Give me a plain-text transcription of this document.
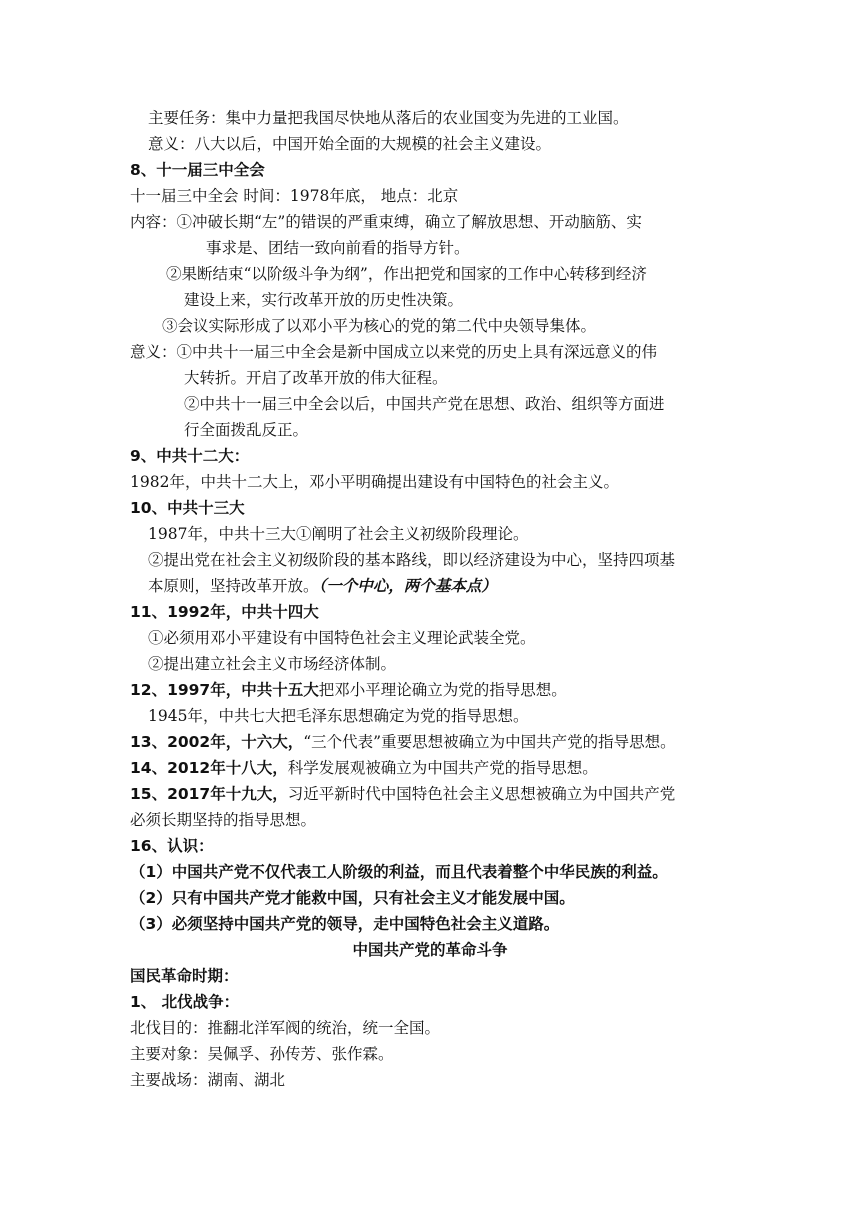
主要任务：集中力量把我国尽快地从落后的农业国变为先进的工业国。
意义：八大以后，中国开始全面的大规模的社会主义建设。
8、十一届三中全会
十一届三中全会 时间：1978年底， 地点：北京
内容：①冲破长期“左”的错误的严重束缚，确立了解放思想、开动脑筋、实
事求是、团结一致向前看的指导方针。
②果断结束“以阶级斗争为纲”，作出把党和国家的工作中心转移到经济
建设上来，实行改革开放的历史性决策。
③会议实际形成了以邓小平为核心的党的第二代中央领导集体。
意义：①中共十一届三中全会是新中国成立以来党的历史上具有深远意义的伟
大转折。开启了改革开放的伟大征程。
②中共十一届三中全会以后，中国共产党在思想、政治、组织等方面进
行全面拨乱反正。
9、中共十二大：
1982年，中共十二大上，邓小平明确提出建设有中国特色的社会主义。
10、中共十三大
1987年，中共十三大①阐明了社会主义初级阶段理论。
②提出党在社会主义初级阶段的基本路线，即以经济建设为中心，坚持四项基
本原则，坚持改革开放。（一个中心，两个基本点）
11、1992年，中共十四大
①必须用邓小平建设有中国特色社会主义理论武装全党。
②提出建立社会主义市场经济体制。
12、1997年，中共十五大把邓小平理论确立为党的指导思想。
1945年，中共七大把毛泽东思想确定为党的指导思想。
13、2002年，十六大，“三个代表”重要思想被确立为中国共产党的指导思想。
14、2012年十八大，科学发展观被确立为中国共产党的指导思想。
15、2017年十九大，习近平新时代中国特色社会主义思想被确立为中国共产党
必须长期坚持的指导思想。
16、认识：
（1）中国共产党不仅代表工人阶级的利益，而且代表着整个中华民族的利益。
（2）只有中国共产党才能救中国，只有社会主义才能发展中国。
（3）必须坚持中国共产党的领导，走中国特色社会主义道路。
中国共产党的革命斗争
国民革命时期：
1、 北伐战争：
北伐目的：推翻北洋军阀的统治，统一全国。
主要对象：吴佩孚、孙传芳、张作霖。
主要战场：湖南、湖北
